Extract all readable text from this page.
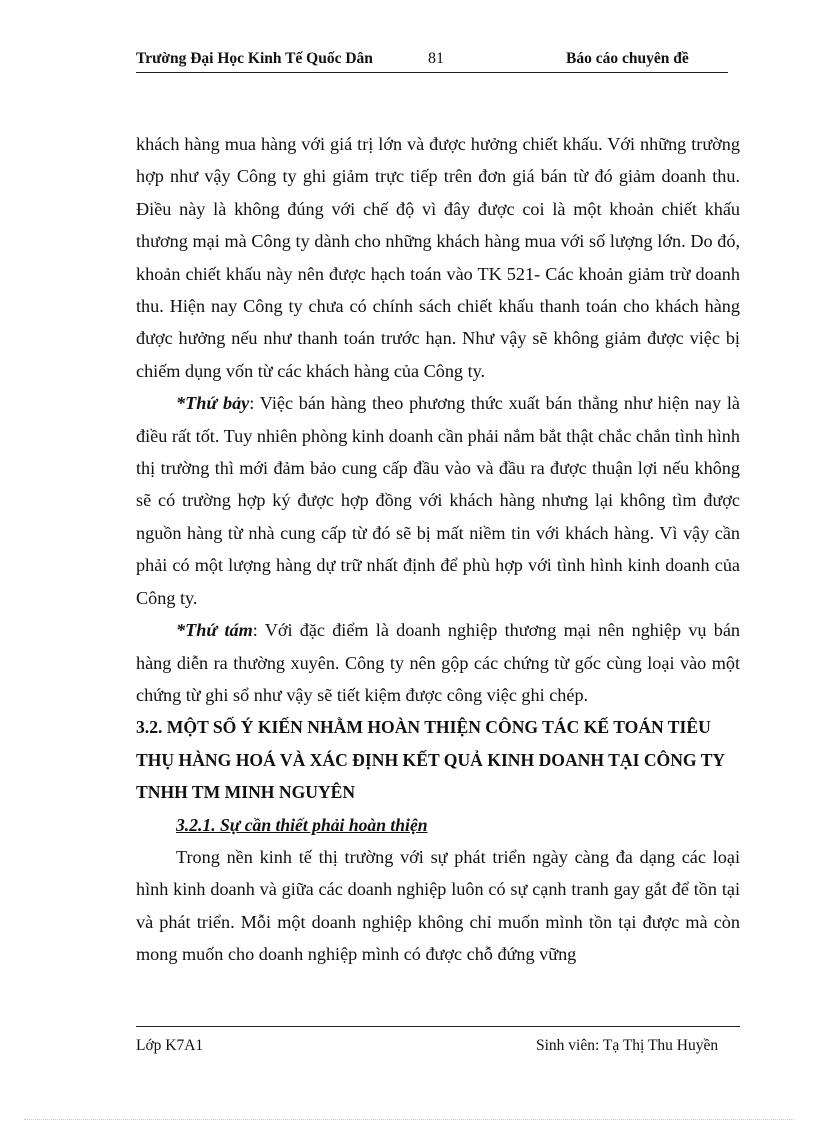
Trường Đại Học Kinh Tế Quốc Dân	81	Báo cáo chuyên đề

khách hàng mua hàng với giá trị lớn và được hưởng chiết khấu. Với những trường hợp như vậy Công ty ghi giảm trực tiếp trên đơn giá bán từ đó giảm doanh thu. Điều này là không đúng với chế độ vì đây được coi là một khoản chiết khấu thương mại mà Công ty dành cho những khách hàng mua với số lượng lớn. Do đó, khoản chiết khấu này nên được hạch toán vào TK 521- Các khoản giảm trừ doanh thu. Hiện nay Công ty chưa có chính sách chiết khấu thanh toán cho khách hàng được hưởng nếu như thanh toán trước hạn. Như vậy sẽ không giảm được việc bị chiếm dụng vốn từ các khách hàng của Công ty.

*Thứ bảy: Việc bán hàng theo phương thức xuất bán thẳng như hiện nay là điều rất tốt. Tuy nhiên phòng kinh doanh cần phải nắm bắt thật chắc chắn tình hình thị trường thì mới đảm bảo cung cấp đầu vào và đầu ra được thuận lợi nếu không sẽ có trường hợp ký được hợp đồng với khách hàng nhưng lại không tìm được nguồn hàng từ nhà cung cấp từ đó sẽ bị mất niềm tin với khách hàng. Vì vậy cần phải có một lượng hàng dự trữ nhất định để phù hợp với tình hình kinh doanh của Công ty.

*Thứ tám: Với đặc điểm là doanh nghiệp thương mại nên nghiệp vụ bán hàng diễn ra thường xuyên. Công ty nên gộp các chứng từ gốc cùng loại vào một chứng từ ghi sổ như vậy sẽ tiết kiệm được công việc ghi chép.

3.2. MỘT SỐ Ý KIẾN NHẰM HOÀN THIỆN CÔNG TÁC KẾ TOÁN TIÊU THỤ HÀNG HOÁ VÀ XÁC ĐỊNH KẾT QUẢ KINH DOANH TẠI CÔNG TY TNHH TM MINH NGUYÊN

3.2.1. Sự cần thiết phải hoàn thiện

Trong nền kinh tế thị trường với sự phát triển ngày càng đa dạng các loại hình kinh doanh và giữa các doanh nghiệp luôn có sự cạnh tranh gay gắt để tồn tại và phát triển. Mỗi một doanh nghiệp không chỉ muốn mình tồn tại được mà còn mong muốn cho doanh nghiệp mình có được chỗ đứng vững

Lớp K7A1	Sinh viên: Tạ Thị Thu Huyền
